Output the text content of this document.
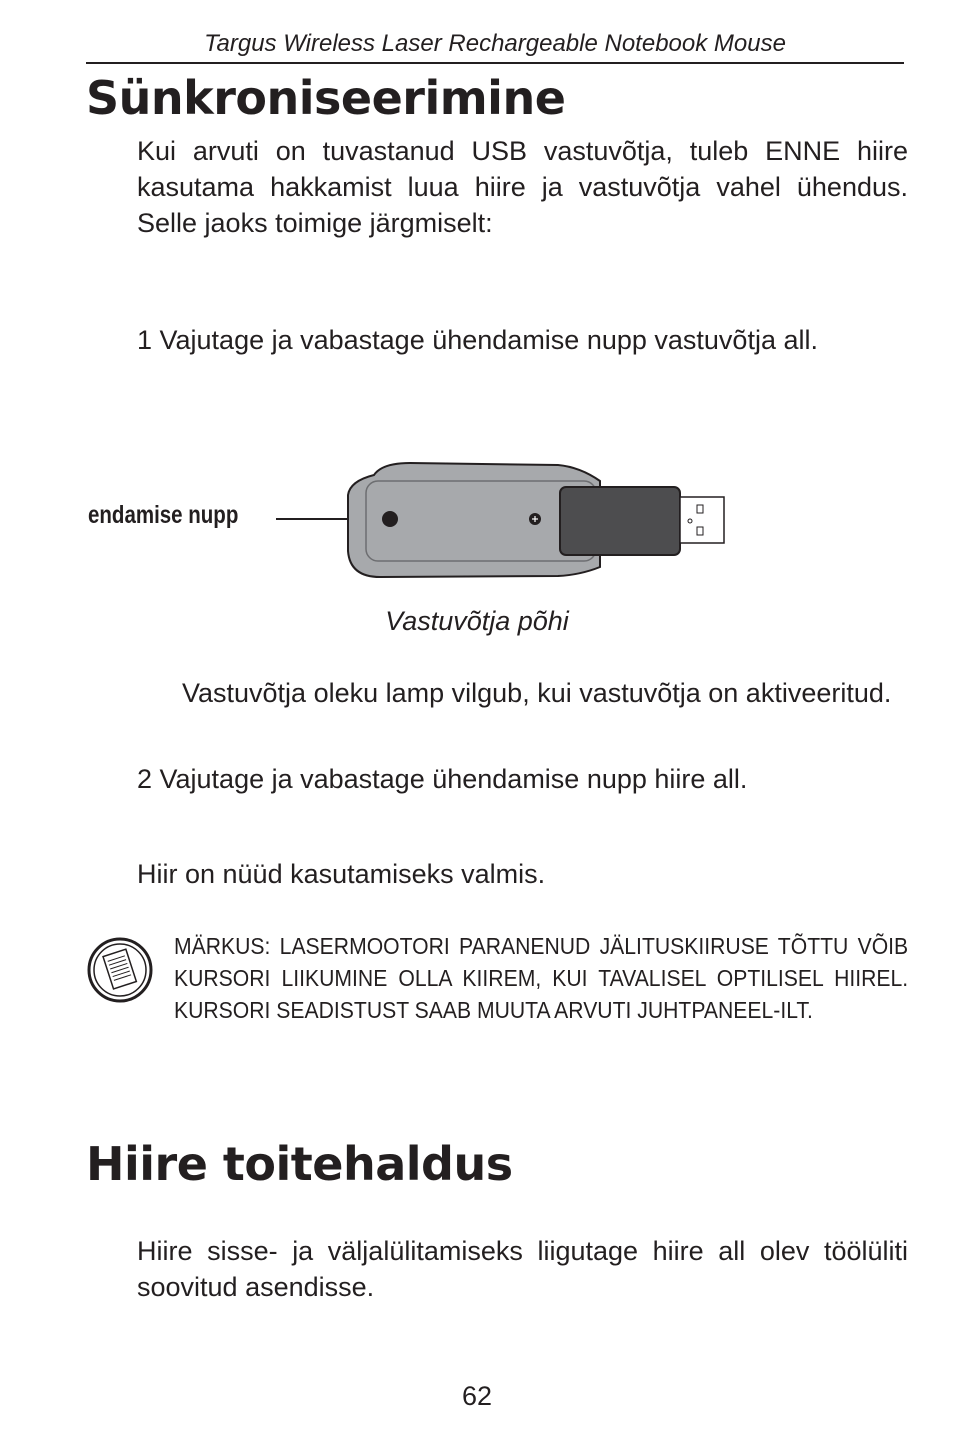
Targus Wireless Laser Rechargeable Notebook Mouse
Sünkroniseerimine
Kui arvuti on tuvastanud USB vastuvõtja, tuleb ENNE hiire kasutama hakkamist luua hiire ja vastuvõtja vahel ühendus. Selle jaoks toimige järgmiselt:
1 Vajutage ja vabastage ühendamise nupp vastuvõtja all.
endamise nupp
Vastuvõtja põhi
Vastuvõtja oleku lamp vilgub, kui vastuvõtja on aktiveeritud.
2 Vajutage ja vabastage ühendamise nupp hiire all.
Hiir on nüüd kasutamiseks valmis.
MÄRKUS: LASERMOOTORI PARANENUD JÄLITUSKIIRUSE TÕTTU VÕIB KURSORI LIIKUMINE OLLA KIIREM, KUI TAVALISEL OPTILISEL HIIREL. KURSORI SEADISTUST SAAB MUUTA ARVUTI JUHTPANEEL-ILT.
Hiire toitehaldus
Hiire sisse- ja väljalülitamiseks liigutage hiire all olev töölüliti soovitud asendisse.
62
